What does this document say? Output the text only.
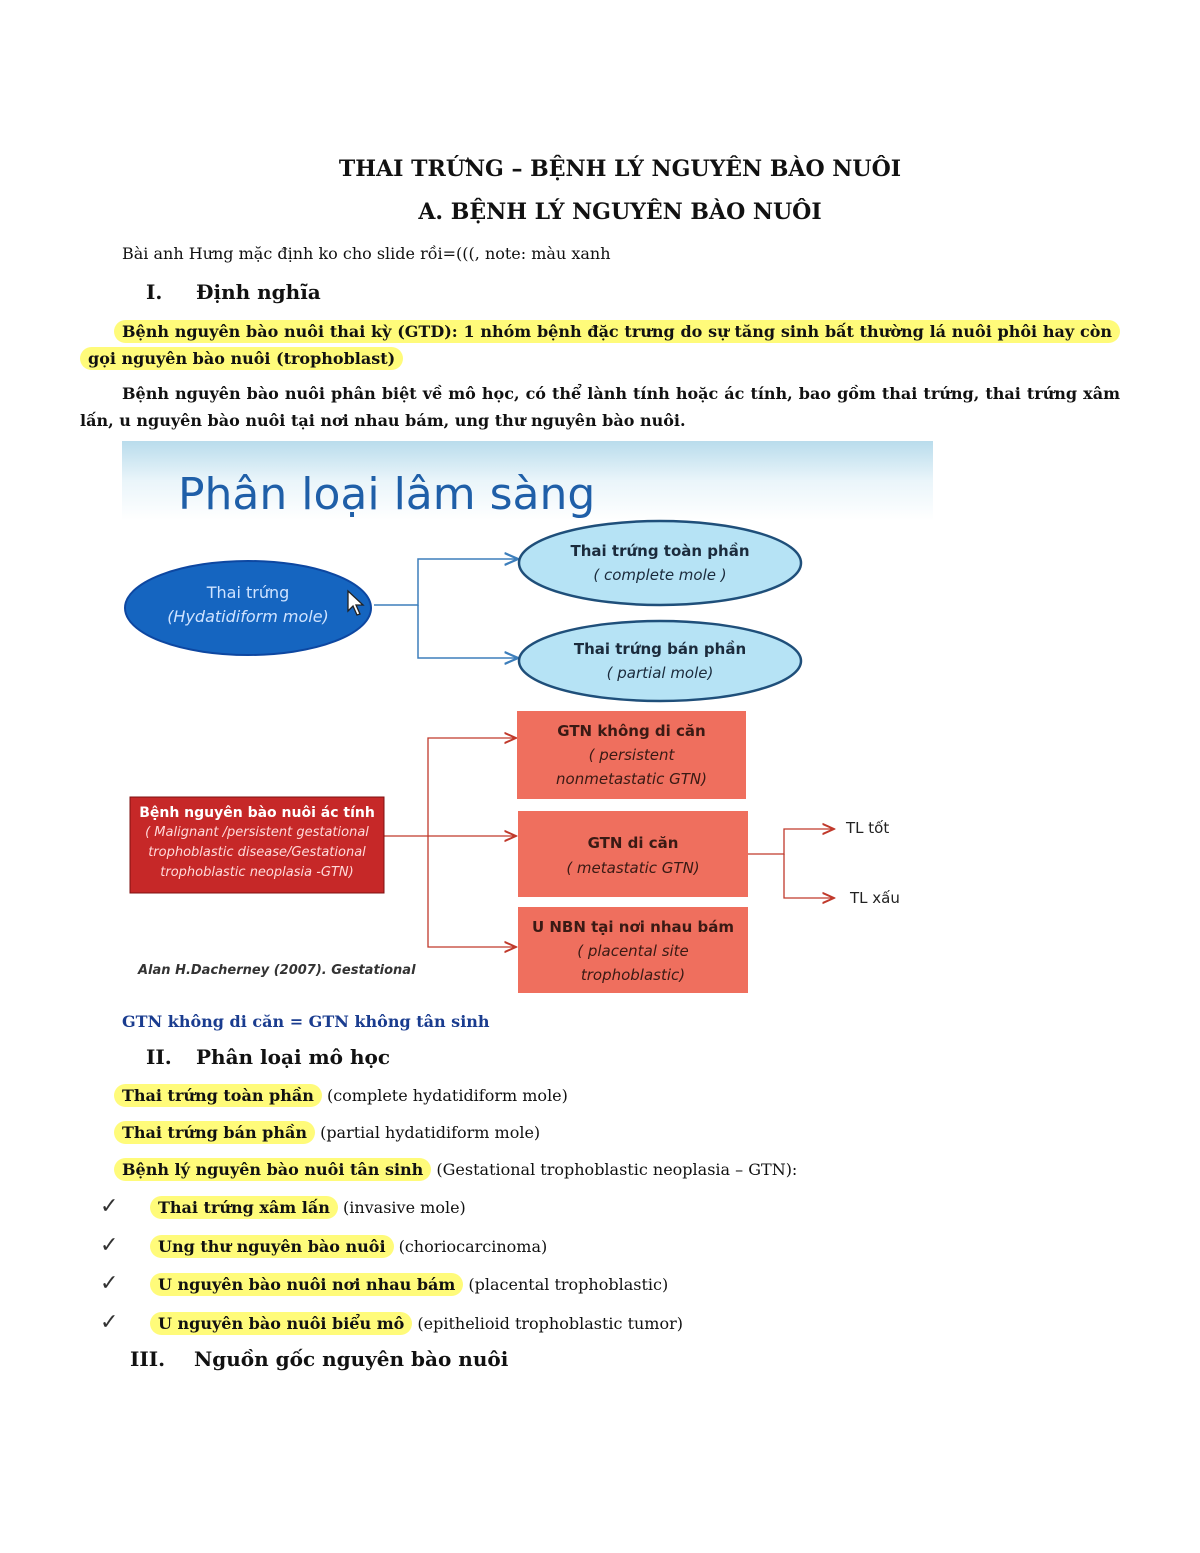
THAI TRỨNG – BỆNH LÝ NGUYÊN BÀO NUÔI
A. BỆNH LÝ NGUYÊN BÀO NUÔI
Bài anh Hưng mặc định ko cho slide rồi=(((, note: màu xanh
I. Định nghĩa
Bệnh nguyên bào nuôi thai kỳ (GTD): 1 nhóm bệnh đặc trưng do sự tăng sinh bất thường lá nuôi phôi hay còn gọi nguyên bào nuôi (trophoblast)
Bệnh nguyên bào nuôi phân biệt về mô học, có thể lành tính hoặc ác tính, bao gồm thai trứng, thai trứng xâm lấn, u nguyên bào nuôi tại nơi nhau bám, ung thư nguyên bào nuôi.
Phân loại lâm sàng
Thai trứng
(Hydatidiform mole)
Thai trứng toàn phần
( complete mole )
Thai trứng bán phần
( partial mole)
Bệnh nguyên bào nuôi ác tính
( Malignant /persistent gestational
trophoblastic disease/Gestational
trophoblastic neoplasia -GTN)
GTN không di căn
( persistent
nonmetastatic GTN)
GTN di căn
( metastatic GTN)
U NBN tại nơi nhau bám
( placental site
trophoblastic)
TL tốt
TL xấu
Alan H.Dacherney (2007). Gestational
GTN không di căn = GTN không tân sinh
II. Phân loại mô học
Thai trứng toàn phần (complete hydatidiform mole)
Thai trứng bán phần (partial hydatidiform mole)
Bệnh lý nguyên bào nuôi tân sinh (Gestational trophoblastic neoplasia – GTN):
✓ Thai trứng xâm lấn (invasive mole)
✓ Ung thư nguyên bào nuôi (choriocarcinoma)
✓ U nguyên bào nuôi nơi nhau bám (placental trophoblastic)
✓ U nguyên bào nuôi biểu mô (epithelioid trophoblastic tumor)
III. Nguồn gốc nguyên bào nuôi
